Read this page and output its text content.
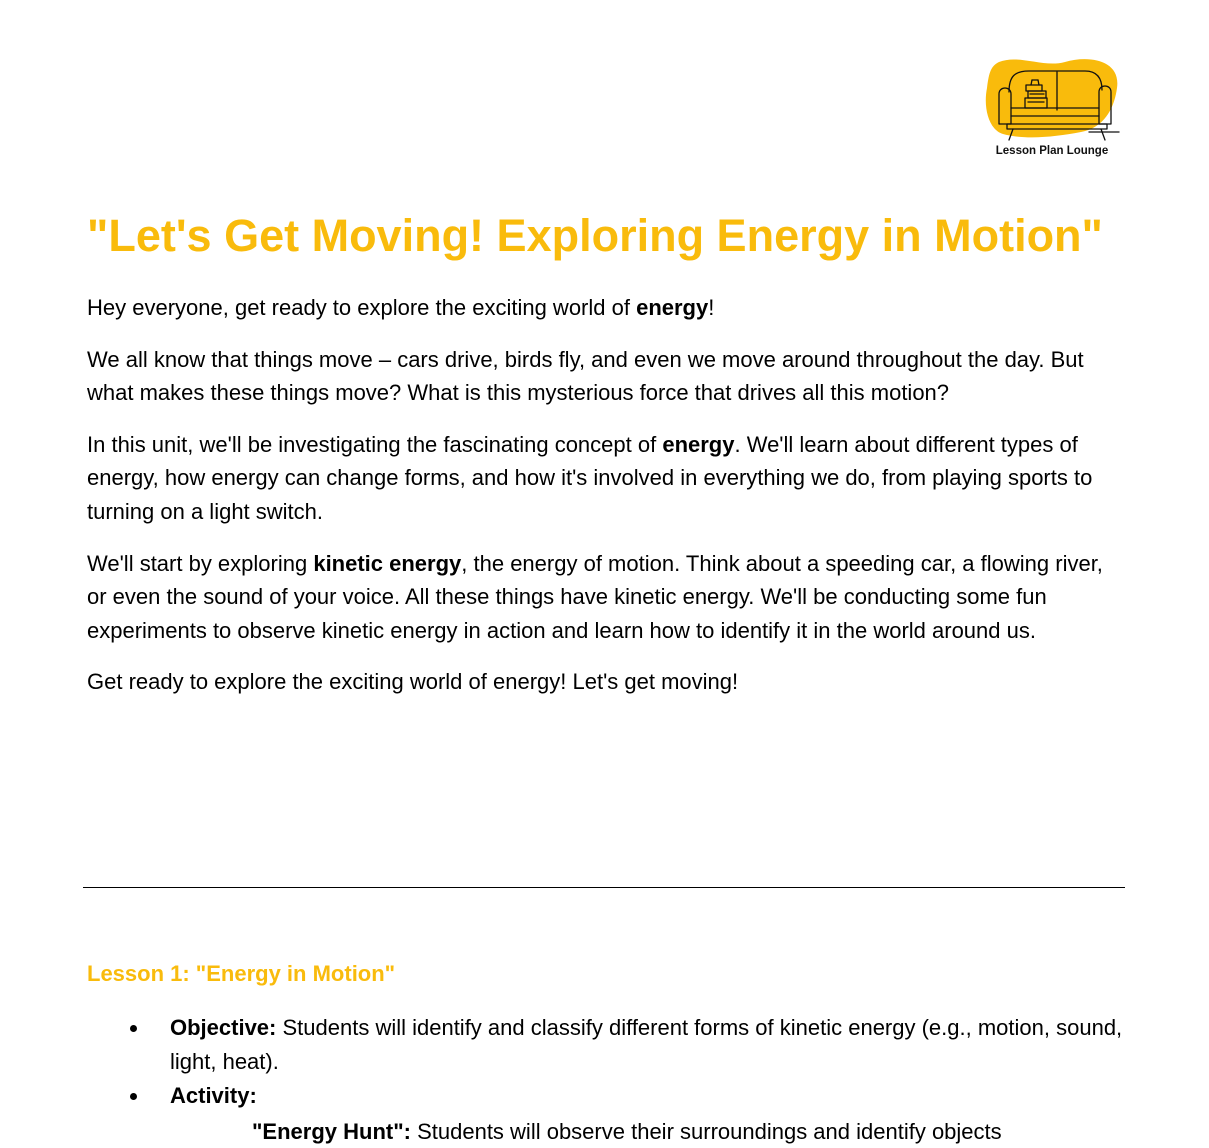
Lesson Plan Lounge
"Let's Get Moving! Exploring Energy in Motion"

Hey everyone, get ready to explore the exciting world of energy!

We all know that things move – cars drive, birds fly, and even we move around throughout the day. But what makes these things move? What is this mysterious force that drives all this motion?

In this unit, we'll be investigating the fascinating concept of energy. We'll learn about different types of energy, how energy can change forms, and how it's involved in everything we do, from playing sports to turning on a light switch.

We'll start by exploring kinetic energy, the energy of motion. Think about a speeding car, a flowing river, or even the sound of your voice. All these things have kinetic energy. We'll be conducting some fun experiments to observe kinetic energy in action and learn how to identify it in the world around us.

Get ready to explore the exciting world of energy! Let's get moving!

Lesson 1: "Energy in Motion"
Objective: Students will identify and classify different forms of kinetic energy (e.g., motion, sound, light, heat).
Activity:
"Energy Hunt": Students will observe their surroundings and identify objects
